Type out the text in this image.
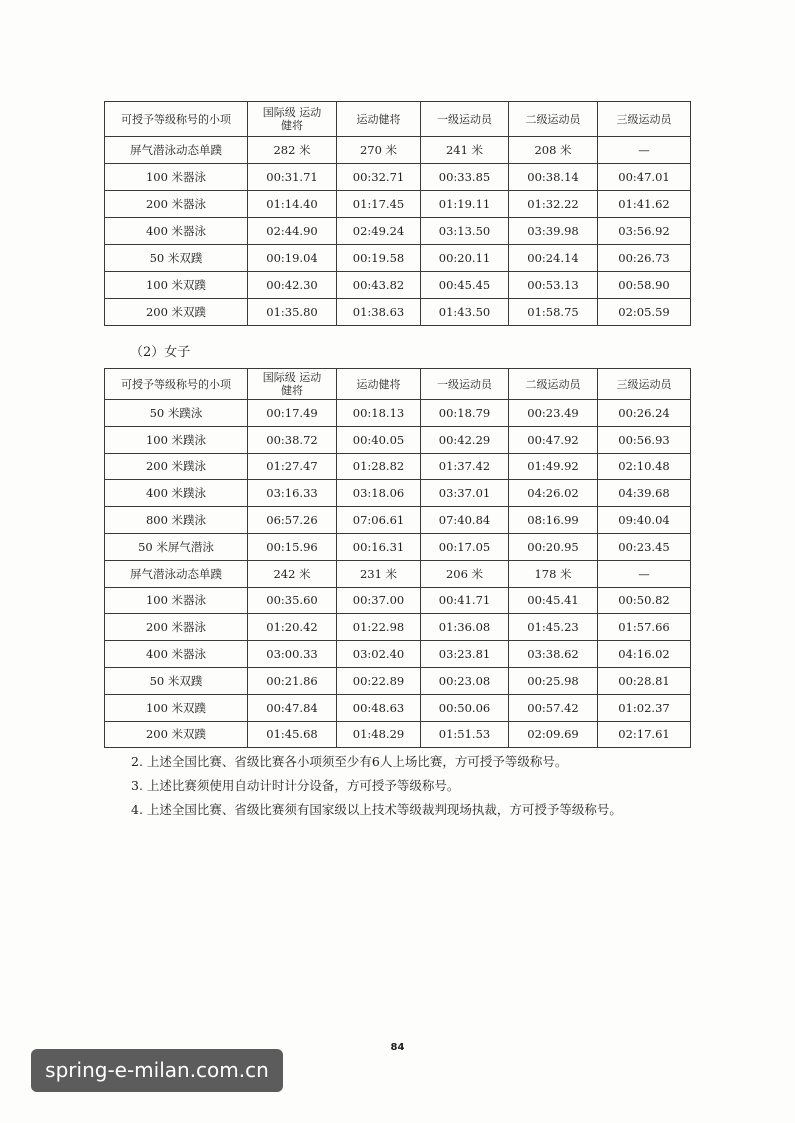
可授予等级称号的小项	国际级 运动健将	运动健将	一级运动员	二级运动员	三级运动员
屏气潜泳动态单蹼	282 米	270 米	241 米	208 米	—
100 米器泳	00:31.71	00:32.71	00:33.85	00:38.14	00:47.01
200 米器泳	01:14.40	01:17.45	01:19.11	01:32.22	01:41.62
400 米器泳	02:44.90	02:49.24	03:13.50	03:39.98	03:56.92
50 米双蹼	00:19.04	00:19.58	00:20.11	00:24.14	00:26.73
100 米双蹼	00:42.30	00:43.82	00:45.45	00:53.13	00:58.90
200 米双蹼	01:35.80	01:38.63	01:43.50	01:58.75	02:05.59
（2）女子
可授予等级称号的小项	国际级 运动健将	运动健将	一级运动员	二级运动员	三级运动员
50 米蹼泳	00:17.49	00:18.13	00:18.79	00:23.49	00:26.24
100 米蹼泳	00:38.72	00:40.05	00:42.29	00:47.92	00:56.93
200 米蹼泳	01:27.47	01:28.82	01:37.42	01:49.92	02:10.48
400 米蹼泳	03:16.33	03:18.06	03:37.01	04:26.02	04:39.68
800 米蹼泳	06:57.26	07:06.61	07:40.84	08:16.99	09:40.04
50 米屏气潜泳	00:15.96	00:16.31	00:17.05	00:20.95	00:23.45
屏气潜泳动态单蹼	242 米	231 米	206 米	178 米	—
100 米器泳	00:35.60	00:37.00	00:41.71	00:45.41	00:50.82
200 米器泳	01:20.42	01:22.98	01:36.08	01:45.23	01:57.66
400 米器泳	03:00.33	03:02.40	03:23.81	03:38.62	04:16.02
50 米双蹼	00:21.86	00:22.89	00:23.08	00:25.98	00:28.81
100 米双蹼	00:47.84	00:48.63	00:50.06	00:57.42	01:02.37
200 米双蹼	01:45.68	01:48.29	01:51.53	02:09.69	02:17.61
2. 上述全国比赛、省级比赛各小项须至少有6人上场比赛，方可授予等级称号。
3. 上述比赛须使用自动计时计分设备，方可授予等级称号。
4. 上述全国比赛、省级比赛须有国家级以上技术等级裁判现场执裁，方可授予等级称号。
84
spring-e-milan.com.cn
